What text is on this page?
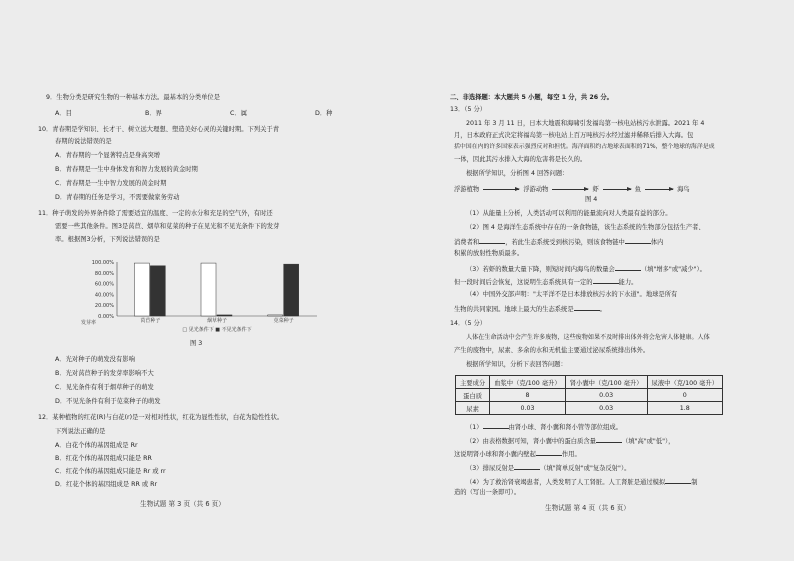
9．生物分类是研究生物的一种基本方法。最基本的分类单位是
A．目	B．界	C．属	D．种
10．青春期是学知识、长才干、树立远大理想、塑造美好心灵的关键时期。下列关于青
春期的说法错误的是
A．青春期的一个显著特点是身高突增
B．青春期是一生中身体发育和智力发展的黄金时期
C．青春期是一生中智力发展的黄金时期
D．青春期的任务是学习，不需要做家务劳动
11．种子萌发的外界条件除了需要适宜的温度、一定的水分和充足的空气外，有时还
需要一些其他条件。图3是莴苣、烟草和苋菜的种子在见光和不见光条件下的发芽
率。根据图3分析，下列说法错误的是
100.00%
80.00%
60.00%
40.00%
20.00%
0.00%
发芽率	莴苣种子	烟草种子	苋菜种子
□ 见光条件下 ■ 不见光条件下
图 3
A．光对种子的萌发没有影响
B．光对莴苣种子的发芽率影响不大
C．见光条件有利于烟草种子的萌发
D．不见光条件有利于苋菜种子的萌发
12．某种植物的红花(R)与白花(r)是一对相对性状，红花为显性性状，白花为隐性性状。
下列说法正确的是
A．白花个体的基因组成是 Rr
B．红花个体的基因组成只能是 RR
C．红花个体的基因组成只能是 Rr 或 rr
D．红花个体的基因组成是 RR 或 Rr
生物试题 第 3 页（共 6 页）
二、非选择题：本大题共 5 小题，每空 1 分，共 26 分。
13．（5 分）
2011 年 3 月 11 日，日本大地震和海啸引发福岛第一核电站核污水泄露。2021 年 4
月，日本政府正式决定将福岛第一核电站上百万吨核污水经过滤并稀释后排入大海。包
括中国在内的许多国家表示强烈反对和担忧。海洋面积约占地球表面积的71%，整个地球的海洋是成
一体，因此其污水排入大海的危害将是长久的。
根据所学知识，分析图 4 回答问题：
浮游植物	浮游动物	虾	鱼	海鸟
图 4
（1）从能量上分析，人类活动可以利用的能量流向对人类最有益的部分。
（2）图 4 是海洋生态系统中存在的一条食物链，该生态系统的生物部分包括生产者、
消费者和	，若此生态系统受到核污染，则该食物链中	体内
积累的放射性物质最多。
（3）若虾的数量大量下降，则短时间内海鸟的数量会	（填"增多"或"减少"）。
但一段时间后会恢复，这说明生态系统具有一定的	能力。
（4）中国外交部声明："太平洋不是日本排放核污水的下水道"。地球是所有
生物的共同家园。地球上最大的生态系统是	。
14．（5 分）
人体在生命活动中会产生许多废物，这些废物如果不及时排出体外将会危害人体健康。人体
产生的废物中，尿素、多余的水和无机盐主要通过泌尿系统排出体外。
根据所学知识，分析下表回答问题：
主要成分	血浆中（克/100 毫升）	肾小囊中（克/100 毫升）	尿液中（克/100 毫升）
蛋白质	8	0.03	0
尿素	0.03	0.03	1.8
（1）	由肾小球、肾小囊和肾小管等部位组成。
（2）由表格数据可知，肾小囊中的蛋白质含量	（填"高"或"低"），
这说明肾小球和肾小囊内壁起	作用。
（3）排尿反射是	（填"简单反射"或"复杂反射"）。
（4）为了救治肾衰竭患者，人类发明了人工肾脏。人工肾脏是通过模拟	制
造的（写出一条即可）。
生物试题 第 4 页（共 6 页）
